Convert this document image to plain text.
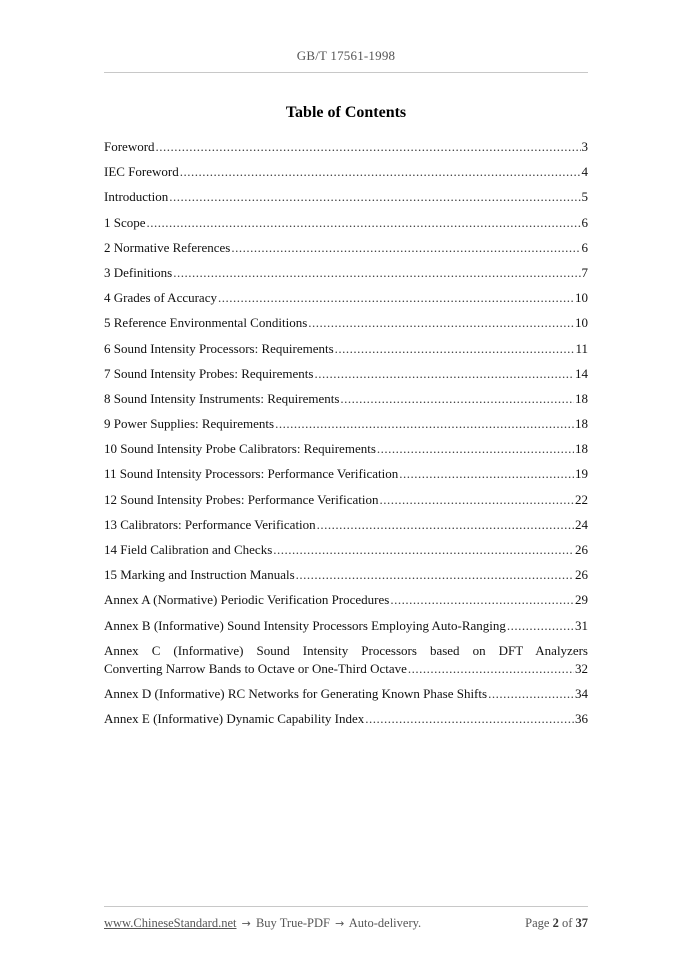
GB/T 17561-1998
Table of Contents
Foreword .....	3
IEC Foreword .....	4
Introduction .....	5
1 Scope .....	6
2 Normative References .....	6
3 Definitions .....	7
4 Grades of Accuracy .....	10
5 Reference Environmental Conditions .....	10
6 Sound Intensity Processors: Requirements .....	11
7 Sound Intensity Probes: Requirements .....	14
8 Sound Intensity Instruments: Requirements .....	18
9 Power Supplies: Requirements .....	18
10 Sound Intensity Probe Calibrators: Requirements .....	18
11 Sound Intensity Processors: Performance Verification .....	19
12 Sound Intensity Probes: Performance Verification .....	22
13 Calibrators: Performance Verification .....	24
14 Field Calibration and Checks .....	26
15 Marking and Instruction Manuals .....	26
Annex A (Normative) Periodic Verification Procedures .....	29
Annex B (Informative) Sound Intensity Processors Employing Auto-Ranging .....	31
Annex C (Informative) Sound Intensity Processors based on DFT Analyzers
Converting Narrow Bands to Octave or One-Third Octave .....	32
Annex D (Informative) RC Networks for Generating Known Phase Shifts .....	34
Annex E (Informative) Dynamic Capability Index .....	36
www.ChineseStandard.net → Buy True-PDF → Auto-delivery.	Page 2 of 37
